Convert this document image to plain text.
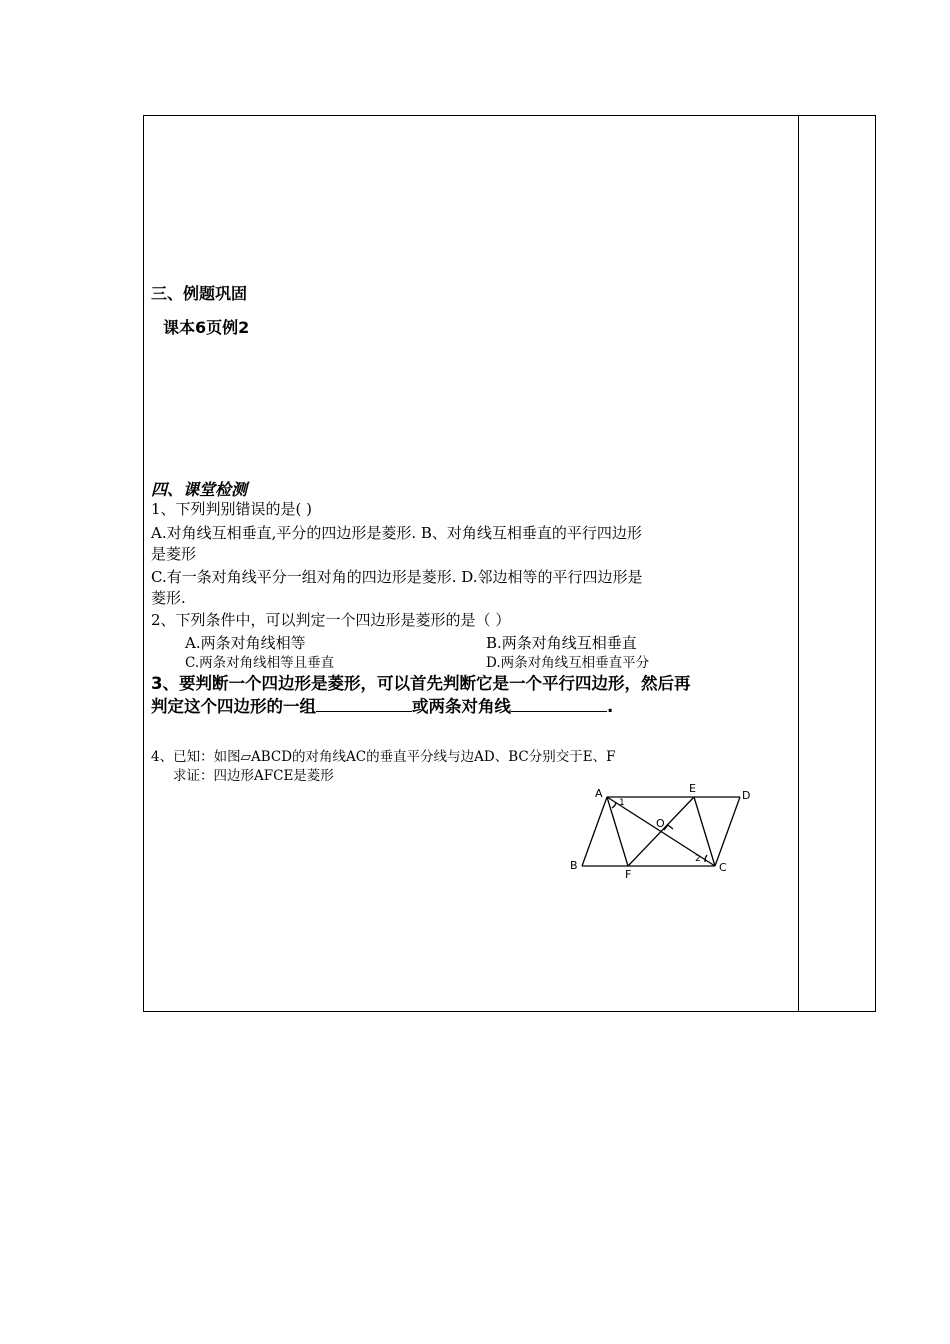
三、例题巩固
课本6页例2
四、课堂检测
1、下列判别错误的是( )
A.对角线互相垂直,平分的四边形是菱形. B、对角线互相垂直的平行四边形
是菱形
C.有一条对角线平分一组对角的四边形是菱形. D.邻边相等的平行四边形是
菱形.
2、下列条件中，可以判定一个四边形是菱形的是（ ）
A.两条对角线相等	B.两条对角线互相垂直
C.两条对角线相等且垂直	D.两条对角线互相垂直平分
3、要判断一个四边形是菱形，可以首先判断它是一个平行四边形，然后再
判定这个四边形的一组	或两条对角线	.
4、已知：如图▱ABCD的对角线AC的垂直平分线与边AD、BC分别交于E、F
求证：四边形AFCE是菱形
A
B	C
D
E
F
O
1
2
